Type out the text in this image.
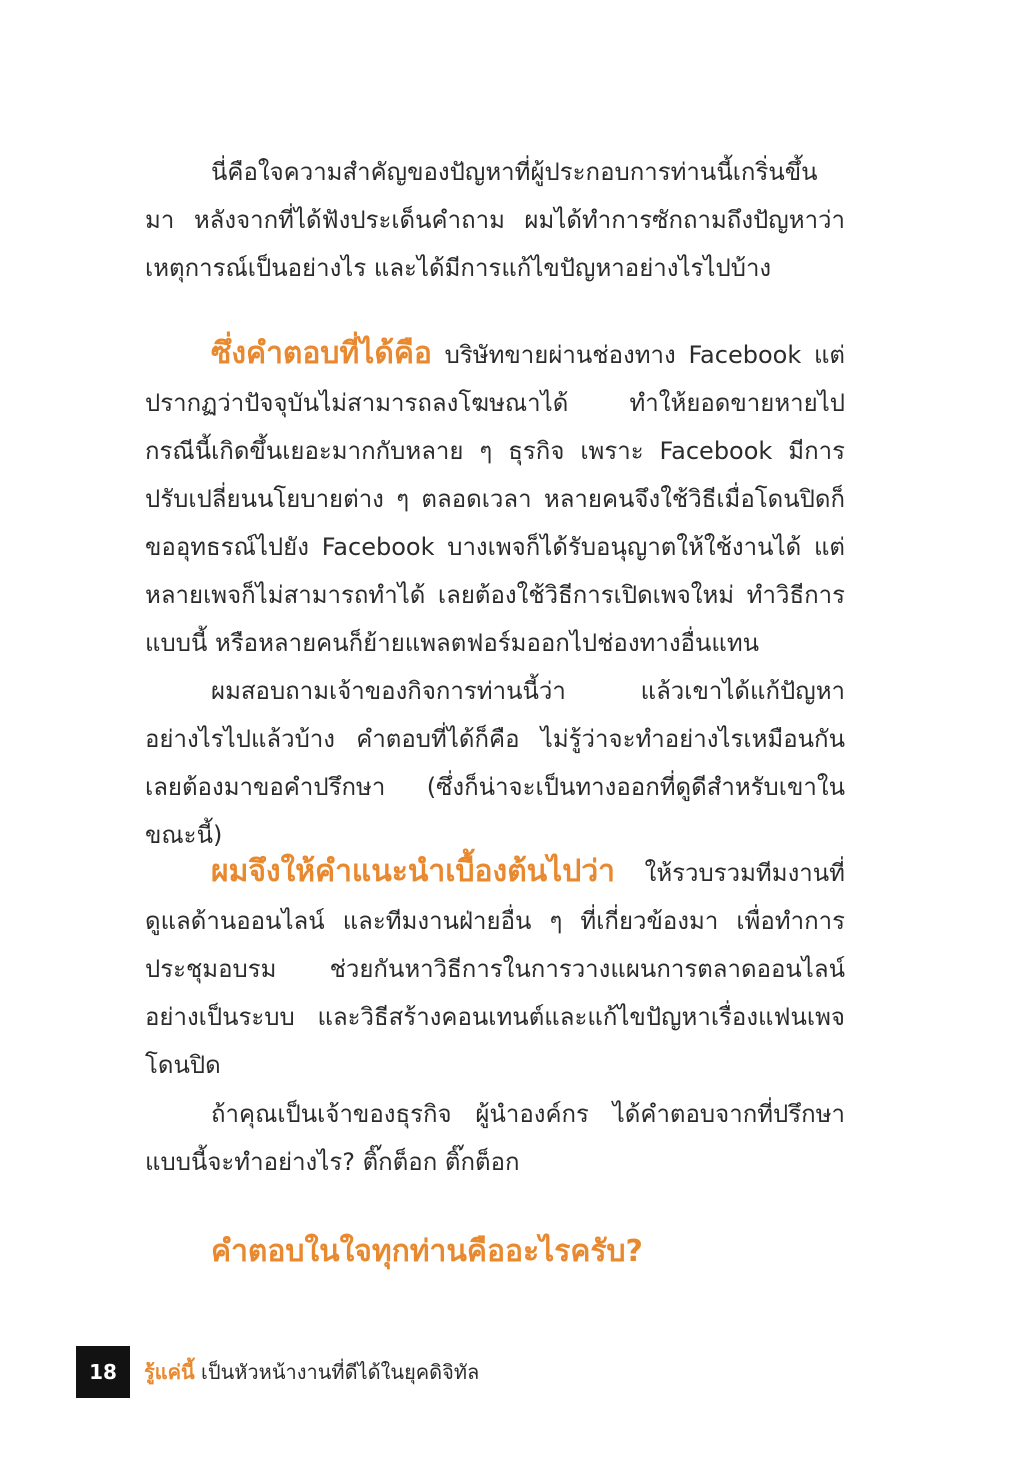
นี่คือใจความสำคัญของปัญหาที่ผู้ประกอบการท่านนี้เกริ่นขึ้นมา หลังจากที่ได้ฟังประเด็นคำถาม ผมได้ทำการซักถามถึงปัญหาว่า เหตุการณ์เป็นอย่างไร และได้มีการแก้ไขปัญหาอย่างไรไปบ้าง

ซึ่งคำตอบที่ได้คือ บริษัทขายผ่านช่องทาง Facebook แต่ปรากฏว่าปัจจุบันไม่สามารถลงโฆษณาได้ ทำให้ยอดขายหายไป กรณีนี้เกิดขึ้นเยอะมากกับหลาย ๆ ธุรกิจ เพราะ Facebook มีการปรับเปลี่ยนนโยบายต่าง ๆ ตลอดเวลา หลายคนจึงใช้วิธีเมื่อโดนปิดก็ขออุทธรณ์ไปยัง Facebook บางเพจก็ได้รับอนุญาตให้ใช้งานได้ แต่หลายเพจก็ไม่สามารถทำได้ เลยต้องใช้วิธีการเปิดเพจใหม่ ทำวิธีการแบบนี้ หรือหลายคนก็ย้ายแพลตฟอร์มออกไปช่องทางอื่นแทน

ผมสอบถามเจ้าของกิจการท่านนี้ว่า แล้วเขาได้แก้ปัญหาอย่างไรไปแล้วบ้าง คำตอบที่ได้ก็คือ ไม่รู้ว่าจะทำอย่างไรเหมือนกัน เลยต้องมาขอคำปรึกษา (ซึ่งก็น่าจะเป็นทางออกที่ดูดีสำหรับเขาในขณะนี้)

ผมจึงให้คำแนะนำเบื้องต้นไปว่า ให้รวบรวมทีมงานที่ดูแลด้านออนไลน์ และทีมงานฝ่ายอื่น ๆ ที่เกี่ยวข้องมา เพื่อทำการประชุมอบรม ช่วยกันหาวิธีการในการวางแผนการตลาดออนไลน์อย่างเป็นระบบ และวิธีสร้างคอนเทนต์และแก้ไขปัญหาเรื่องแฟนเพจโดนปิด

ถ้าคุณเป็นเจ้าของธุรกิจ ผู้นำองค์กร ได้คำตอบจากที่ปรึกษาแบบนี้จะทำอย่างไร? ติ๊กต็อก ติ๊กต็อก

คำตอบในใจทุกท่านคืออะไรครับ?
18	รู้แค่นี้ เป็นหัวหน้างานที่ดีได้ในยุคดิจิทัล
